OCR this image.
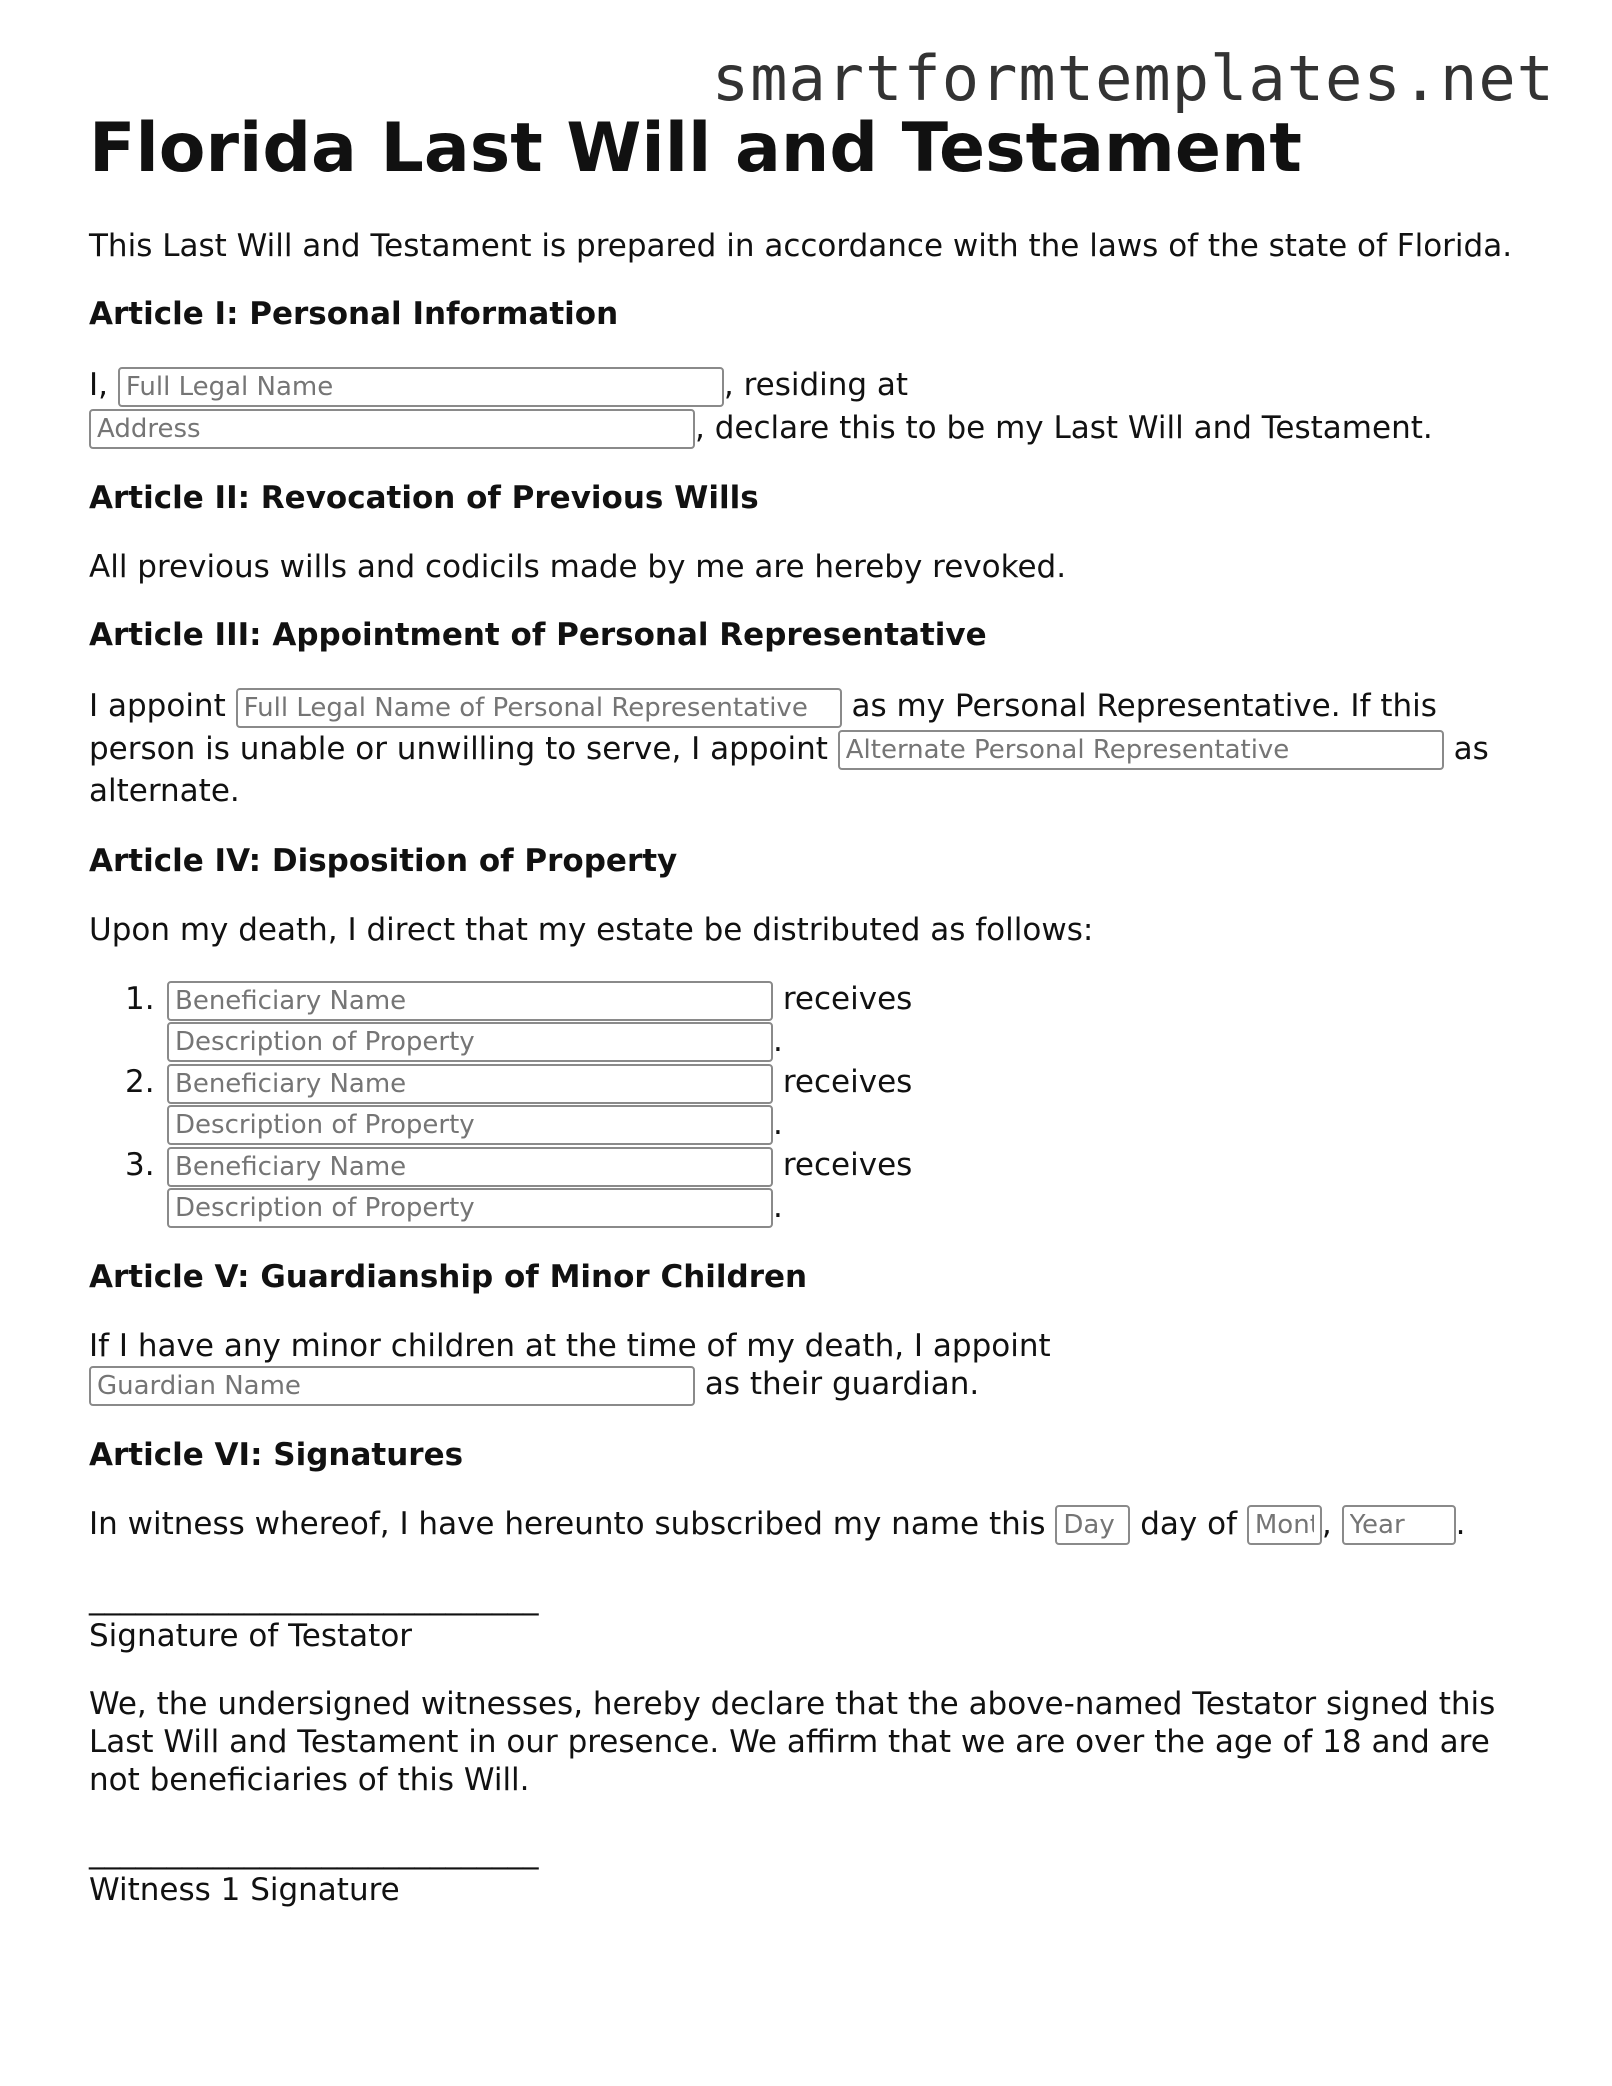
smartformtemplates.net
Florida Last Will and Testament

This Last Will and Testament is prepared in accordance with the laws of the state of Florida.

Article I: Personal Information

I, Full Legal Name	, residing at
Address, declare this to be my Last Will and Testament.

Article II: Revocation of Previous Wills

All previous wills and codicils made by me are hereby revoked.

Article III: Appointment of Personal Representative

I appoint Full Legal Name of Personal Representative	as my Personal Representative. If this person is unable or unwilling to serve, I appoint Alternate Personal Representative	as alternate.

Article IV: Disposition of Property

Upon my death, I direct that my estate be distributed as follows:

1.
Beneficiary Name	receives
Description of Property.
2.
Beneficiary Name	receives
Description of Property.
3.
Beneficiary Name	receives
Description of Property.
Article V: Guardianship of Minor Children

If I have any minor children at the time of my death, I appoint
Guardian Name as their guardian.

Article VI: Signatures

In witness whereof, I have hereunto subscribed my name this Day	day of Month	, Year	.

_____________________________
Signature of Testator

We, the undersigned witnesses, hereby declare that the above-named Testator signed this Last Will and Testament in our presence. We affirm that we are over the age of 18 and are not beneficiaries of this Will.

_____________________________
Witness 1 Signature
